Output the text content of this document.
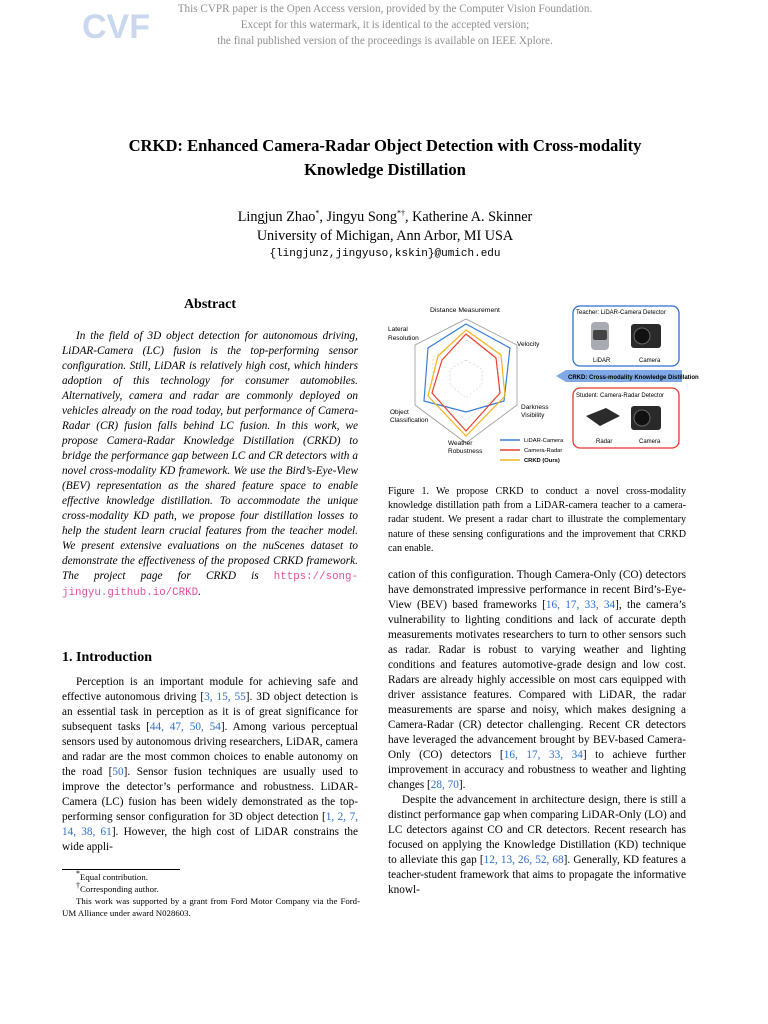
CVF	This CVPR paper is the Open Access version, provided by the Computer Vision Foundation.
Except for this watermark, it is identical to the accepted version;
the final published version of the proceedings is available on IEEE Xplore.
CRKD: Enhanced Camera-Radar Object Detection with Cross-modality
Knowledge Distillation
Lingjun Zhao*, Jingyu Song*†, Katherine A. Skinner
University of Michigan, Ann Arbor, MI USA
{lingjunz,jingyuso,kskin}@umich.edu
Abstract
In the field of 3D object detection for autonomous driving, LiDAR-Camera (LC) fusion is the top-performing sensor configuration. Still, LiDAR is relatively high cost, which hinders adoption of this technology for consumer automobiles. Alternatively, camera and radar are commonly deployed on vehicles already on the road today, but performance of Camera-Radar (CR) fusion falls behind LC fusion. In this work, we propose Camera-Radar Knowledge Distillation (CRKD) to bridge the performance gap between LC and CR detectors with a novel cross-modality KD framework. We use the Bird’s-Eye-View (BEV) representation as the shared feature space to enable effective knowledge distillation. To accommodate the unique cross-modality KD path, we propose four distillation losses to help the student learn crucial features from the teacher model. We present extensive evaluations on the nuScenes dataset to demonstrate the effectiveness of the proposed CRKD framework. The project page for CRKD is https://song-jingyu.github.io/CRKD.
1. Introduction
Perception is an important module for achieving safe and effective autonomous driving [3, 15, 55]. 3D object detection is an essential task in perception as it is of great significance for subsequent tasks [44, 47, 50, 54]. Among various perceptual sensors used by autonomous driving researchers, LiDAR, camera and radar are the most common choices to enable autonomy on the road [50]. Sensor fusion techniques are usually used to improve the detector’s performance and robustness. LiDAR-Camera (LC) fusion has been widely demonstrated as the top-performing sensor configuration for 3D object detection [1, 2, 7, 14, 38, 61]. However, the high cost of LiDAR constrains the wide appli-
*Equal contribution.
†Corresponding author.
This work was supported by a grant from Ford Motor Company via the Ford-UM Alliance under award N028603.
Distance Measurement
Lateral
Resolution
Velocity
Object
Classification
Darkness
Visibility
Weather
Robustness
LiDAR-Camera
Camera-Radar
CRKD (Ours)
Teacher: LiDAR-Camera Detector
LiDAR	Camera
CRKD: Cross-modality Knowledge Distillation
Student: Camera-Radar Detector
Radar	Camera
Figure 1. We propose CRKD to conduct a novel cross-modality knowledge distillation path from a LiDAR-camera teacher to a camera-radar student. We present a radar chart to illustrate the complementary nature of these sensing configurations and the improvement that CRKD can enable.

cation of this configuration. Though Camera-Only (CO) detectors have demonstrated impressive performance in recent Bird’s-Eye-View (BEV) based frameworks [16, 17, 33, 34], the camera’s vulnerability to lighting conditions and lack of accurate depth measurements motivates researchers to turn to other sensors such as radar. Radar is robust to varying weather and lighting conditions and features automotive-grade design and low cost. Radars are already highly accessible on most cars equipped with driver assistance features. Compared with LiDAR, the radar measurements are sparse and noisy, which makes designing a Camera-Radar (CR) detector challenging. Recent CR detectors have leveraged the advancement brought by BEV-based Camera-Only (CO) detectors [16, 17, 33, 34] to achieve further improvement in accuracy and robustness to weather and lighting changes [28, 70].

Despite the advancement in architecture design, there is still a distinct performance gap when comparing LiDAR-Only (LO) and LC detectors against CO and CR detectors. Recent research has focused on applying the Knowledge Distillation (KD) technique to alleviate this gap [12, 13, 26, 52, 68]. Generally, KD features a teacher-student framework that aims to propagate the informative knowl-
